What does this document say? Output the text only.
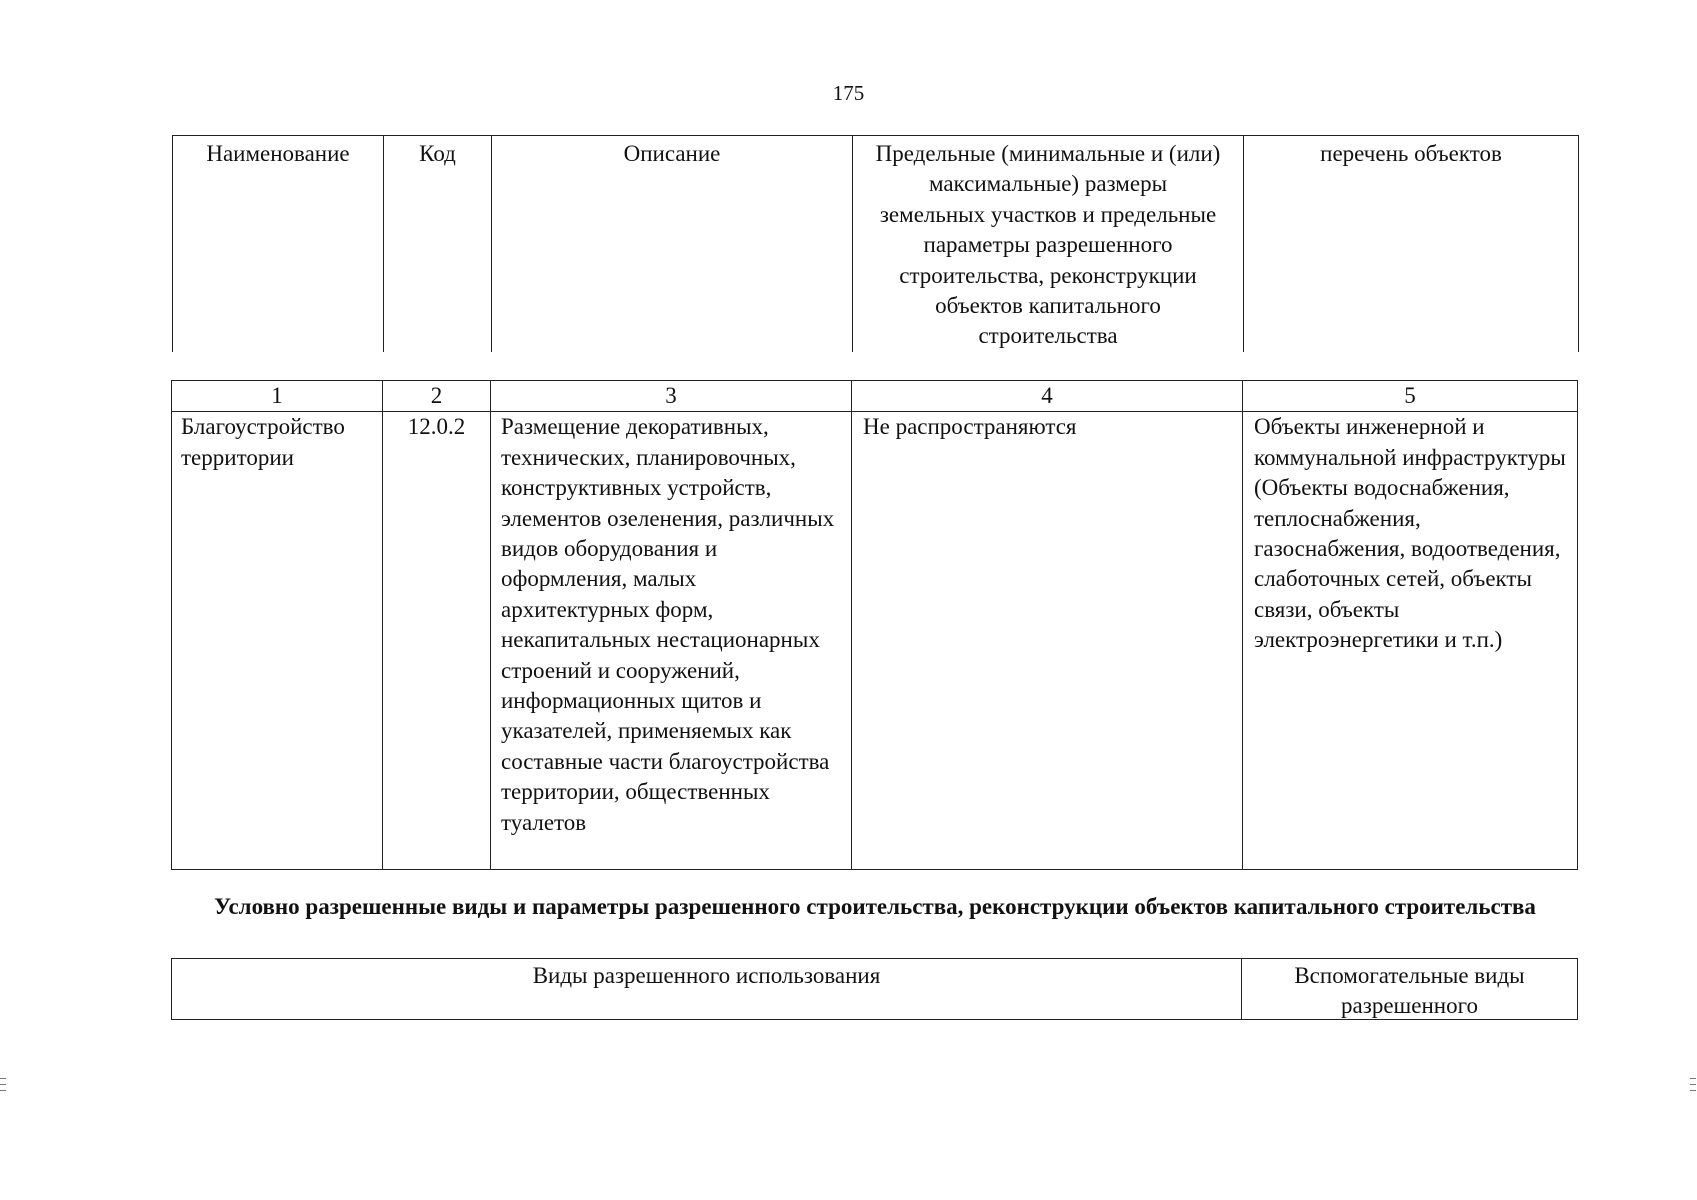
175
Наименование	Код	Описание	Предельные (минимальные и (или) максимальные) размеры земельных участков и предельные параметры разрешенного строительства, реконструкции объектов капитального строительства	перечень объектов
1	2	3	4	5
Благоустройство территории	12.0.2	Размещение декоративных, технических, планировочных, конструктивных устройств, элементов озеленения, различных видов оборудования и оформления, малых архитектурных форм, некапитальных нестационарных строений и сооружений, информационных щитов и указателей, применяемых как составные части благоустройства территории, общественных туалетов	Не распространяются	Объекты инженерной и коммунальной инфраструктуры (Объекты водоснабжения, теплоснабжения, газоснабжения, водоотведения, слаботочных сетей, объекты связи, объекты электроэнергетики и т.п.)
Условно разрешенные виды и параметры разрешенного строительства, реконструкции объектов капитального строительства
Виды разрешенного использования	Вспомогательные виды разрешенного
